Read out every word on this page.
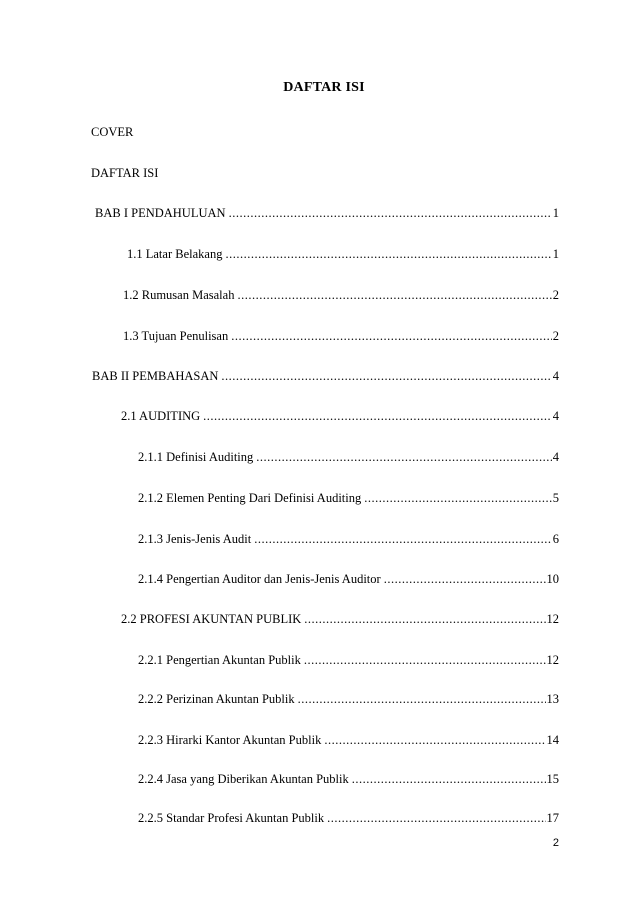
DAFTAR ISI
COVER
DAFTAR ISI
BAB I PENDAHULUAN .....	1
1.1 Latar Belakang .....	1
1.2 Rumusan Masalah .....	2
1.3 Tujuan Penulisan .....	2
BAB II PEMBAHASAN .....	4
2.1 AUDITING .....	4
2.1.1 Definisi Auditing .....	4
2.1.2 Elemen Penting Dari Definisi Auditing .....	5
2.1.3 Jenis-Jenis Audit .....	6
2.1.4 Pengertian Auditor dan Jenis-Jenis Auditor .....	10
2.2 PROFESI AKUNTAN PUBLIK .....	12
2.2.1 Pengertian Akuntan Publik .....	12
2.2.2 Perizinan Akuntan Publik .....	13
2.2.3 Hirarki Kantor Akuntan Publik .....	14
2.2.4 Jasa yang Diberikan Akuntan Publik .....	15
2.2.5 Standar Profesi Akuntan Publik .....	17
2
